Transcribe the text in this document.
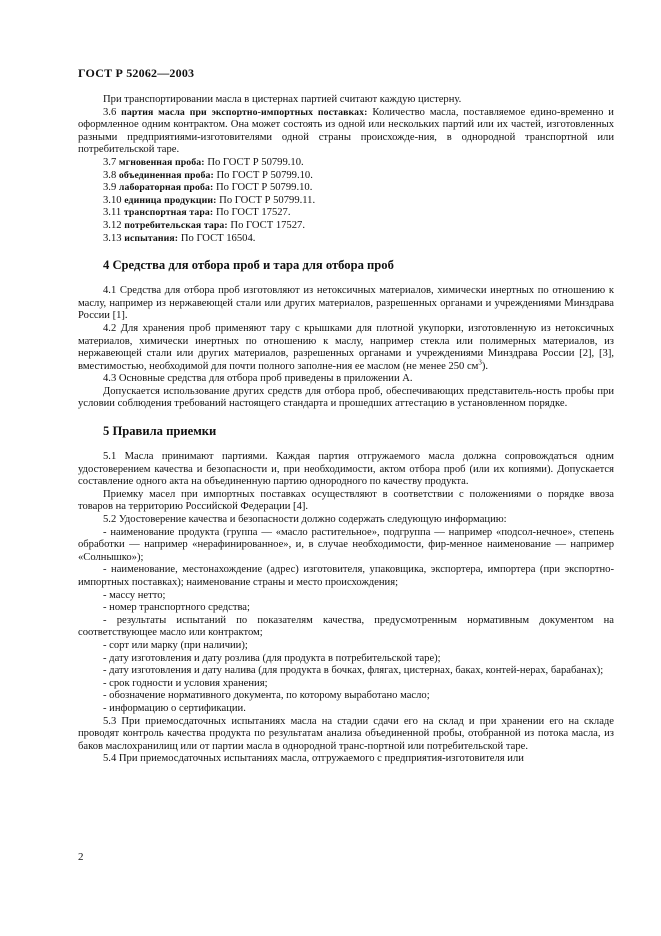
ГОСТ Р 52062—2003

При транспортировании масла в цистернах партией считают каждую цистерну.

3.6 партия масла при экспортно-импортных поставках: Количество масла, поставляемое едино-временно и оформленное одним контрактом. Она может состоять из одной или нескольких партий или их частей, изготовленных разными предприятиями-изготовителями одной страны происхожде-ния, в однородной транспортной или потребительской таре.

3.7 мгновенная проба: По ГОСТ Р 50799.10.

3.8 объединенная проба: По ГОСТ Р 50799.10.

3.9 лабораторная проба: По ГОСТ Р 50799.10.

3.10 единица продукции: По ГОСТ Р 50799.11.

3.11 транспортная тара: По ГОСТ 17527.

3.12 потребительская тара: По ГОСТ 17527.

3.13 испытания: По ГОСТ 16504.

4 Средства для отбора проб и тара для отбора проб

4.1 Средства для отбора проб изготовляют из нетоксичных материалов, химически инертных по отношению к маслу, например из нержавеющей стали или других материалов, разрешенных органами и учреждениями Минздрава России [1].

4.2 Для хранения проб применяют тару с крышками для плотной укупорки, изготовленную из нетоксичных материалов, химически инертных по отношению к маслу, например стекла или полимерных материалов, из нержавеющей стали или других материалов, разрешенных органами и учреждениями Минздрава России [2], [3], вместимостью, необходимой для почти полного заполне-ния ее маслом (не менее 250 $см^3$).

4.3 Основные средства для отбора проб приведены в приложении А.

Допускается использование других средств для отбора проб, обеспечивающих представитель-ность пробы при условии соблюдения требований настоящего стандарта и прошедших аттестацию в установленном порядке.

5 Правила приемки

5.1 Масла принимают партиями. Каждая партия отгружаемого масла должна сопровождаться одним удостоверением качества и безопасности и, при необходимости, актом отбора проб (или их копиями). Допускается составление одного акта на объединенную партию однородного по качеству продукта.

Приемку масел при импортных поставках осуществляют в соответствии с положениями о порядке ввоза товаров на территорию Российской Федерации [4].

5.2 Удостоверение качества и безопасности должно содержать следующую информацию:

- наименование продукта (группа — «масло растительное», подгруппа — например «подсол-нечное», степень обработки — например «нерафинированное», и, в случае необходимости, фир-менное наименование — например «Солнышко»);

- наименование, местонахождение (адрес) изготовителя, упаковщика, экспортера, импортера (при экспортно-импортных поставках); наименование страны и место происхождения;

- массу нетто;

- номер транспортного средства;

- результаты испытаний по показателям качества, предусмотренным нормативным документом на соответствующее масло или контрактом;

- сорт или марку (при наличии);

- дату изготовления и дату розлива (для продукта в потребительской таре);

- дату изготовления и дату налива (для продукта в бочках, флягах, цистернах, баках, контей-нерах, барабанах);

- срок годности и условия хранения;

- обозначение нормативного документа, по которому выработано масло;

- информацию о сертификации.

5.3 При приемосдаточных испытаниях масла на стадии сдачи его на склад и при хранении его на складе проводят контроль качества продукта по результатам анализа объединенной пробы, отобранной из потока масла, из баков маслохранилищ или от партии масла в однородной транс-портной или потребительской таре.

5.4 При приемосдаточных испытаниях масла, отгружаемого с предприятия-изготовителя или

2
